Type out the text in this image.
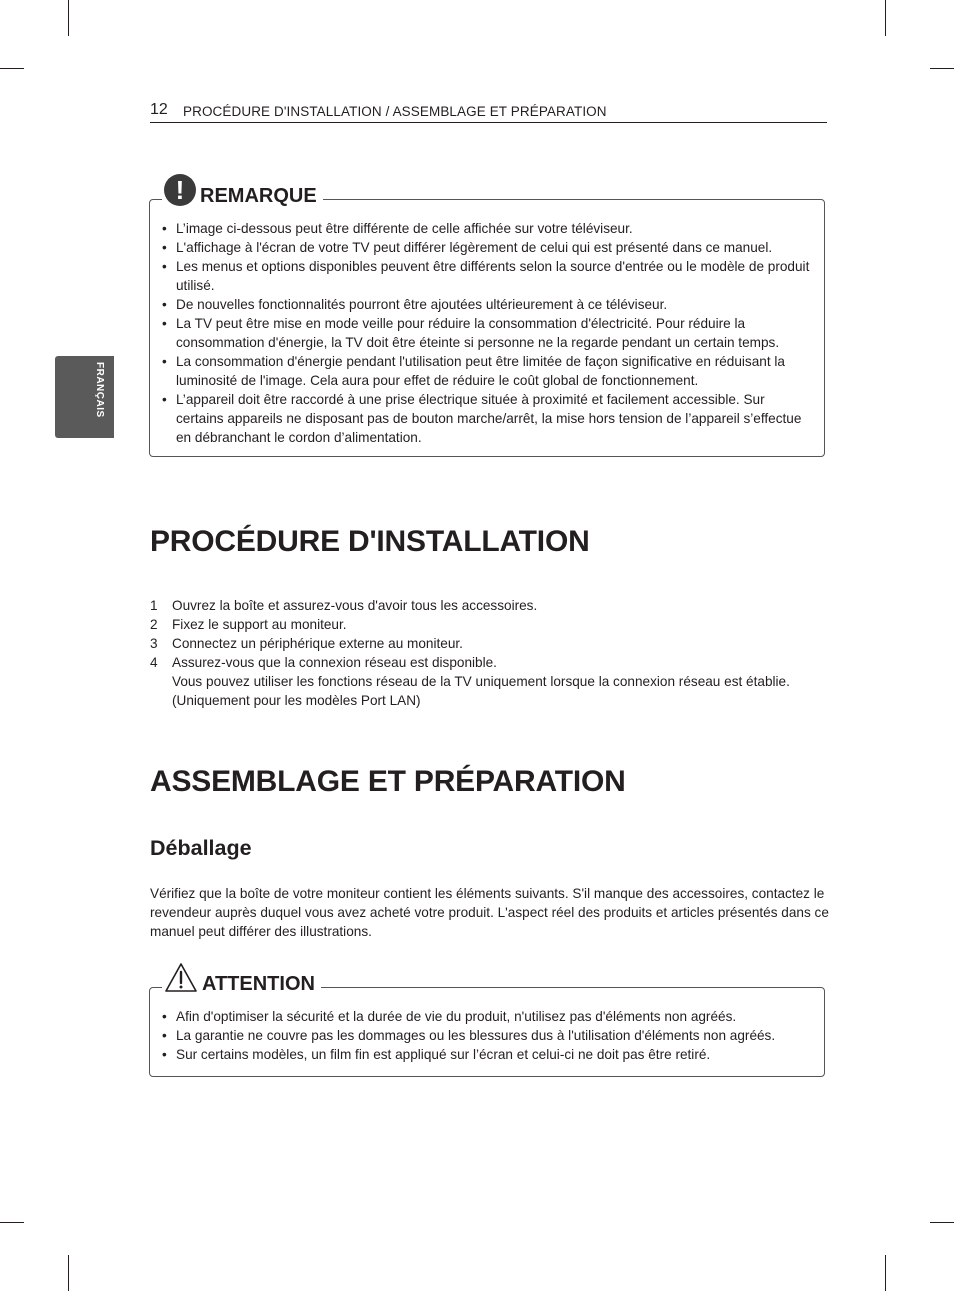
12 PROCÉDURE D'INSTALLATION / ASSEMBLAGE ET PRÉPARATION
FRANÇAIS
! REMARQUE
• L’image ci-dessous peut être différente de celle affichée sur votre téléviseur.
• L'affichage à l'écran de votre TV peut différer légèrement de celui qui est présenté dans ce manuel.
• Les menus et options disponibles peuvent être différents selon la source d'entrée ou le modèle de produit utilisé.
• De nouvelles fonctionnalités pourront être ajoutées ultérieurement à ce téléviseur.
• La TV peut être mise en mode veille pour réduire la consommation d'électricité. Pour réduire la consommation d'énergie, la TV doit être éteinte si personne ne la regarde pendant un certain temps.
• La consommation d'énergie pendant l'utilisation peut être limitée de façon significative en réduisant la luminosité de l'image. Cela aura pour effet de réduire le coût global de fonctionnement.
• L’appareil doit être raccordé à une prise électrique située à proximité et facilement accessible. Sur certains appareils ne disposant pas de bouton marche/arrêt, la mise hors tension de l’appareil s’effectue en débranchant le cordon d’alimentation.
PROCÉDURE D'INSTALLATION
1 Ouvrez la boîte et assurez-vous d'avoir tous les accessoires.
2 Fixez le support au moniteur.
3 Connectez un périphérique externe au moniteur.
4 Assurez-vous que la connexion réseau est disponible.
Vous pouvez utiliser les fonctions réseau de la TV uniquement lorsque la connexion réseau est établie.
(Uniquement pour les modèles Port LAN)
ASSEMBLAGE ET PRÉPARATION
Déballage

Vérifiez que la boîte de votre moniteur contient les éléments suivants. S'il manque des accessoires, contactez le revendeur auprès duquel vous avez acheté votre produit. L'aspect réel des produits et articles présentés dans ce manuel peut différer des illustrations.

ATTENTION
• Afin d'optimiser la sécurité et la durée de vie du produit, n'utilisez pas d'éléments non agréés.
• La garantie ne couvre pas les dommages ou les blessures dus à l'utilisation d'éléments non agréés.
• Sur certains modèles, un film fin est appliqué sur l’écran et celui-ci ne doit pas être retiré.
